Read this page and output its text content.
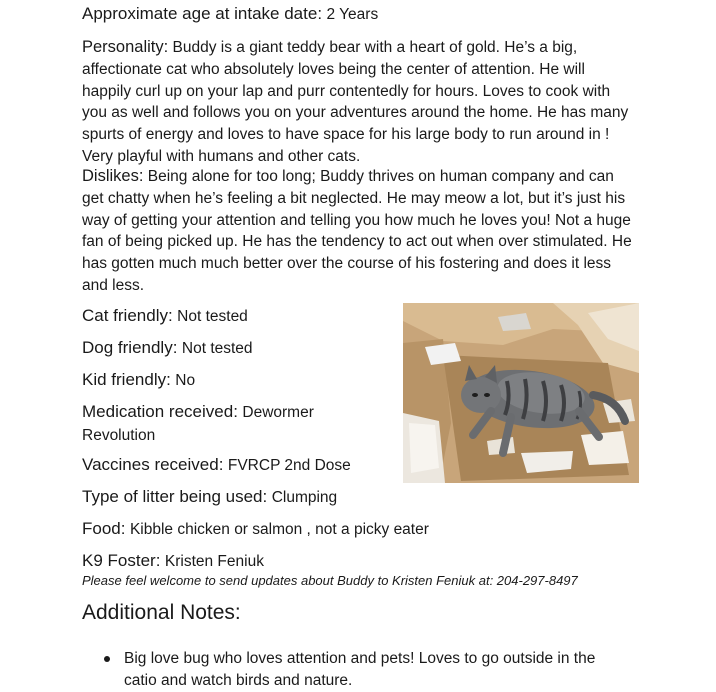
Approximate age at intake date: 2 Years

Personality: Buddy is a giant teddy bear with a heart of gold. He’s a big, affectionate cat who absolutely loves being the center of attention. He will happily curl up on your lap and purr contentedly for hours. Loves to cook with you as well and follows you on your adventures around the home. He has many spurts of energy and loves to have space for his large body to run around in ! Very playful with humans and other cats.

Dislikes: Being alone for too long; Buddy thrives on human company and can get chatty when he’s feeling a bit neglected. He may meow a lot, but it’s just his way of getting your attention and telling you how much he loves you! Not a huge fan of being picked up. He has the tendency to act out when over stimulated. He has gotten much much better over the course of his fostering and does it less and less.

Cat friendly: Not tested
Dog friendly: Not tested
Kid friendly: No
Medication received: Dewormer Revolution
Vaccines received: FVRCP 2nd Dose
Type of litter being used: Clumping
Food: Kibble chicken or salmon , not a picky eater
K9 Foster: Kristen Feniuk
Please feel welcome to send updates about Buddy to Kristen Feniuk at: 204-297-8497
Additional Notes:
Big love bug who loves attention and pets! Loves to go outside in the catio and watch birds and nature.
